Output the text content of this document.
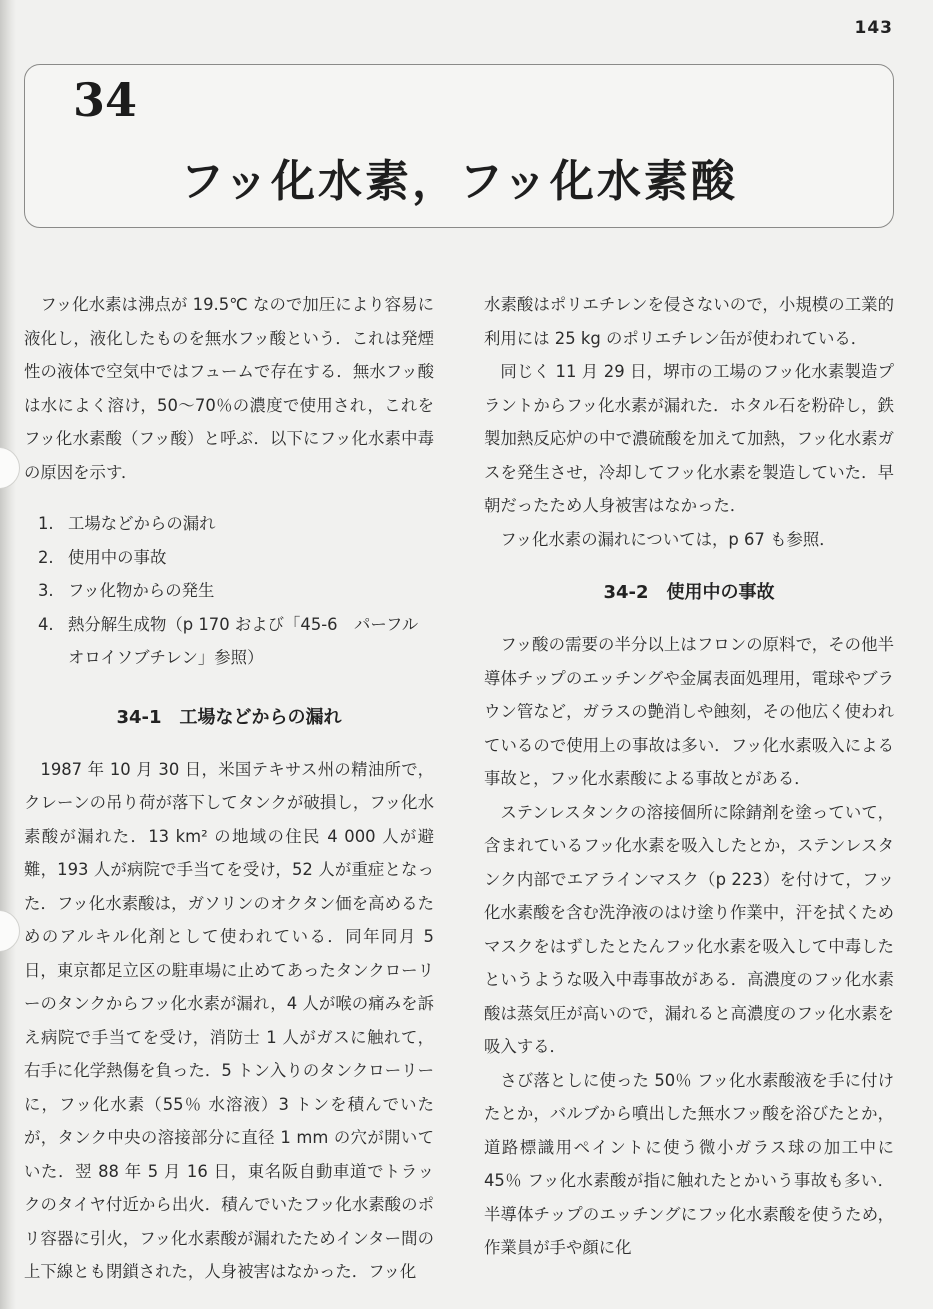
143
34
フッ化水素，フッ化水素酸

フッ化水素は沸点が 19.5℃ なので加圧により容易に液化し，液化したものを無水フッ酸という．これは発煙性の液体で空気中ではフュームで存在する．無水フッ酸は水によく溶け，50〜70％の濃度で使用され，これをフッ化水素酸（フッ酸）と呼ぶ．以下にフッ化水素中毒の原因を示す．

1. 工場などからの漏れ
2. 使用中の事故
3. フッ化物からの発生
4. 熱分解生成物（p 170 および「45-6　パーフルオロイソブチレン」参照）
34-1　工場などからの漏れ

1987 年 10 月 30 日，米国テキサス州の精油所で，クレーンの吊り荷が落下してタンクが破損し，フッ化水素酸が漏れた．13 km² の地域の住民 4 000 人が避難，193 人が病院で手当てを受け，52 人が重症となった．フッ化水素酸は，ガソリンのオクタン価を高めるためのアルキル化剤として使われている．同年同月 5 日，東京都足立区の駐車場に止めてあったタンクローリーのタンクからフッ化水素が漏れ，4 人が喉の痛みを訴え病院で手当てを受け，消防士 1 人がガスに触れて，右手に化学熱傷を負った．5 トン入りのタンクローリーに，フッ化水素（55％ 水溶液）3 トンを積んでいたが，タンク中央の溶接部分に直径 1 mm の穴が開いていた．翌 88 年 5 月 16 日，東名阪自動車道でトラックのタイヤ付近から出火．積んでいたフッ化水素酸のポリ容器に引火，フッ化水素酸が漏れたためインター間の上下線とも閉鎖された，人身被害はなかった．フッ化

水素酸はポリエチレンを侵さないので，小規模の工業的利用には 25 kg のポリエチレン缶が使われている．

同じく 11 月 29 日，堺市の工場のフッ化水素製造プラントからフッ化水素が漏れた．ホタル石を粉砕し，鉄製加熱反応炉の中で濃硫酸を加えて加熱，フッ化水素ガスを発生させ，冷却してフッ化水素を製造していた．早朝だったため人身被害はなかった．

フッ化水素の漏れについては，p 67 も参照．

34-2　使用中の事故

フッ酸の需要の半分以上はフロンの原料で，その他半導体チップのエッチングや金属表面処理用，電球やブラウン管など，ガラスの艶消しや蝕刻，その他広く使われているので使用上の事故は多い．フッ化水素吸入による事故と，フッ化水素酸による事故とがある．

ステンレスタンクの溶接個所に除錆剤を塗っていて，含まれているフッ化水素を吸入したとか，ステンレスタンク内部でエアラインマスク（p 223）を付けて，フッ化水素酸を含む洗浄液のはけ塗り作業中，汗を拭くためマスクをはずしたとたんフッ化水素を吸入して中毒したというような吸入中毒事故がある．高濃度のフッ化水素酸は蒸気圧が高いので，漏れると高濃度のフッ化水素を吸入する．

さび落としに使った 50％ フッ化水素酸液を手に付けたとか，バルブから噴出した無水フッ酸を浴びたとか，道路標識用ペイントに使う微小ガラス球の加工中に 45％ フッ化水素酸が指に触れたとかいう事故も多い．半導体チップのエッチングにフッ化水素酸を使うため，作業員が手や顔に化
